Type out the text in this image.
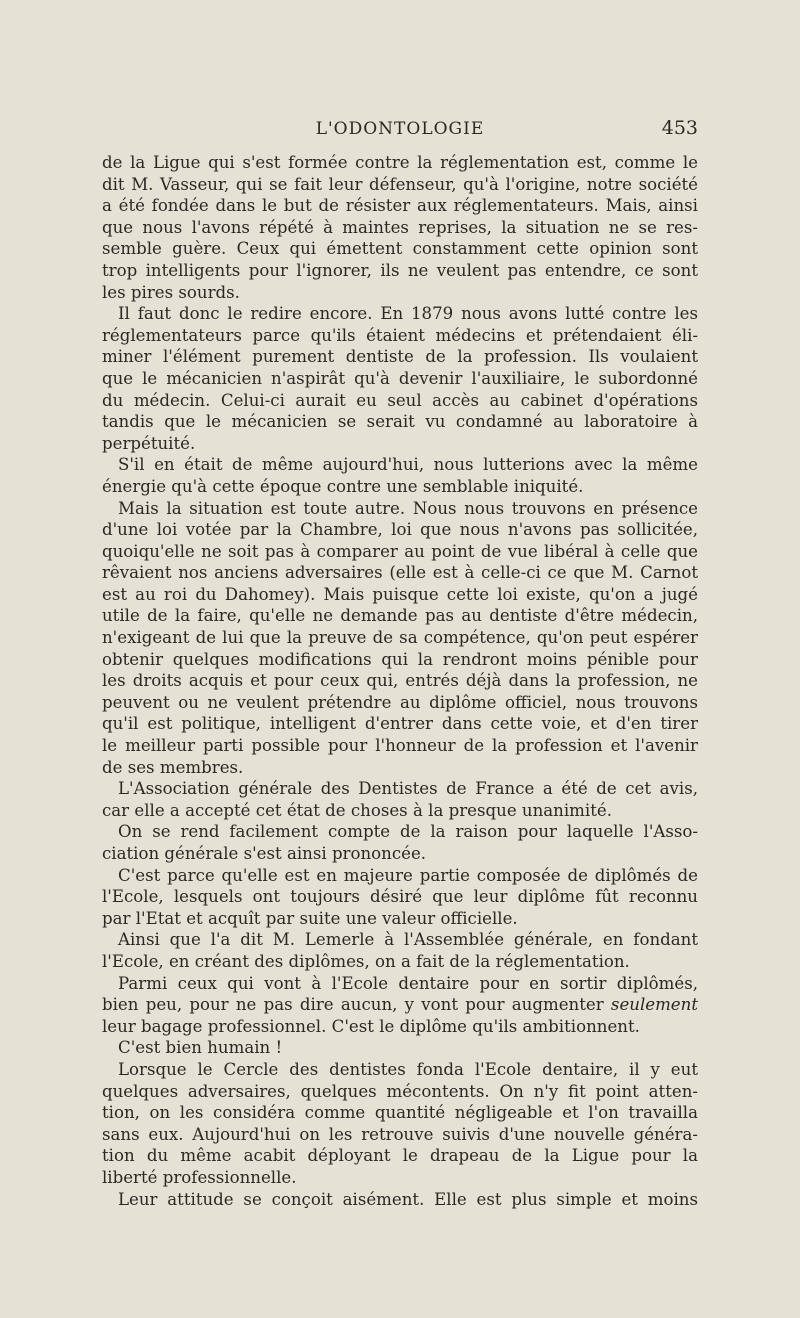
L'ODONTOLOGIE	453
de la Ligue qui s'est formée contre la réglementation est, comme le
dit M. Vasseur, qui se fait leur défenseur, qu'à l'origine, notre société
a été fondée dans le but de résister aux réglementateurs. Mais, ainsi
que nous l'avons répété à maintes reprises, la situation ne se res-
semble guère. Ceux qui émettent constamment cette opinion sont
trop intelligents pour l'ignorer, ils ne veulent pas entendre, ce sont
les pires sourds.
Il faut donc le redire encore. En 1879 nous avons lutté contre les
réglementateurs parce qu'ils étaient médecins et prétendaient éli-
miner l'élément purement dentiste de la profession. Ils voulaient
que le mécanicien n'aspirât qu'à devenir l'auxiliaire, le subordonné
du médecin. Celui-ci aurait eu seul accès au cabinet d'opérations
tandis que le mécanicien se serait vu condamné au laboratoire à
perpétuité.
S'il en était de même aujourd'hui, nous lutterions avec la même
énergie qu'à cette époque contre une semblable iniquité.
Mais la situation est toute autre. Nous nous trouvons en présence
d'une loi votée par la Chambre, loi que nous n'avons pas sollicitée,
quoiqu'elle ne soit pas à comparer au point de vue libéral à celle que
rêvaient nos anciens adversaires (elle est à celle-ci ce que M. Carnot
est au roi du Dahomey). Mais puisque cette loi existe, qu'on a jugé
utile de la faire, qu'elle ne demande pas au dentiste d'être médecin,
n'exigeant de lui que la preuve de sa compétence, qu'on peut espérer
obtenir quelques modifications qui la rendront moins pénible pour
les droits acquis et pour ceux qui, entrés déjà dans la profession, ne
peuvent ou ne veulent prétendre au diplôme officiel, nous trouvons
qu'il est politique, intelligent d'entrer dans cette voie, et d'en tirer
le meilleur parti possible pour l'honneur de la profession et l'avenir
de ses membres.
L'Association générale des Dentistes de France a été de cet avis,
car elle a accepté cet état de choses à la presque unanimité.
On se rend facilement compte de la raison pour laquelle l'Asso-
ciation générale s'est ainsi prononcée.
C'est parce qu'elle est en majeure partie composée de diplômés de
l'Ecole, lesquels ont toujours désiré que leur diplôme fût reconnu
par l'Etat et acquît par suite une valeur officielle.
Ainsi que l'a dit M. Lemerle à l'Assemblée générale, en fondant
l'Ecole, en créant des diplômes, on a fait de la réglementation.
Parmi ceux qui vont à l'Ecole dentaire pour en sortir diplômés,
bien peu, pour ne pas dire aucun, y vont pour augmenter seulement
leur bagage professionnel. C'est le diplôme qu'ils ambitionnent.
C'est bien humain !
Lorsque le Cercle des dentistes fonda l'Ecole dentaire, il y eut
quelques adversaires, quelques mécontents. On n'y fit point atten-
tion, on les considéra comme quantité négligeable et l'on travailla
sans eux. Aujourd'hui on les retrouve suivis d'une nouvelle généra-
tion du même acabit déployant le drapeau de la Ligue pour la
liberté professionnelle.
Leur attitude se conçoit aisément. Elle est plus simple et moins
